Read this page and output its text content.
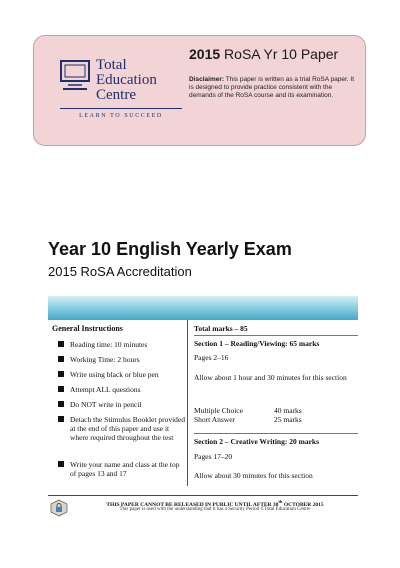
Total
Education
Centre
LEARN TO SUCCEED
2015 RoSA Yr 10 Paper
Disclaimer: This paper is written as a trial RoSA paper. It is designed to provide practice consistent with the demands of the RoSA course and its examination.
Year 10 English Yearly Exam
2015 RoSA Accreditation
General Instructions
Reading time: 10 minutes
Working Time: 2 hours
Write using black or blue pen
Attempt ALL questions
Do NOT write in pencil
Detach the Stimulus Booklet provided at the end of this paper and use it where required throughout the test
Write your name and class at the top of pages 13 and 17
Total marks – 85
Section 1 – Reading/Viewing: 65 marks
Pages 2–16
Allow about 1 hour and 30 minutes for this section
Multiple Choice	40 marks
Short Answer	25 marks
Section 2 – Creative Writing: 20 marks
Pages 17–20
Allow about 30 minutes for this section
THIS PAPER CANNOT BE RELEASED IN PUBLIC UNTIL AFTER 30th OCTOBER 2015
This paper is used with the understanding that it has a Security Period ©Total Education Centre
